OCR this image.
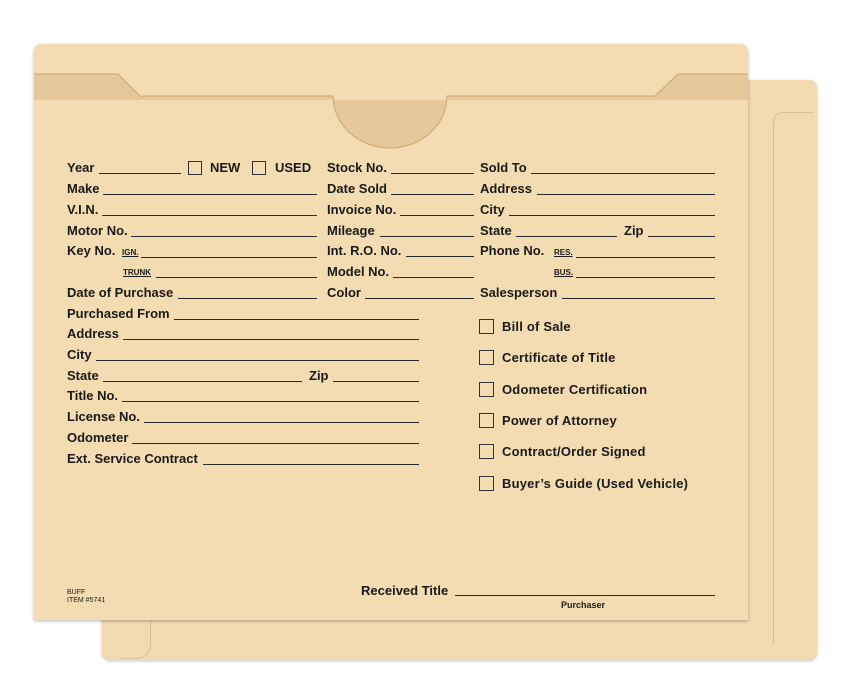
Year	NEW	USED
Make
V.I.N.
Motor No.
Key No. IGN.
TRUNK
Date of Purchase
Purchased From
Address
City
State	Zip
Title No.
License No.
Odometer
Ext. Service Contract
Stock No.
Date Sold
Invoice No.
Mileage
Int. R.O. No.
Model No.
Color
Sold To
Address
City
State	Zip
Phone No. RES.
BUS.
Salesperson
Bill of Sale
Certificate of Title
Odometer Certification
Power of Attorney
Contract/Order Signed
Buyer’s Guide (Used Vehicle)
BUFF
ITEM #5741
Received Title
Purchaser
